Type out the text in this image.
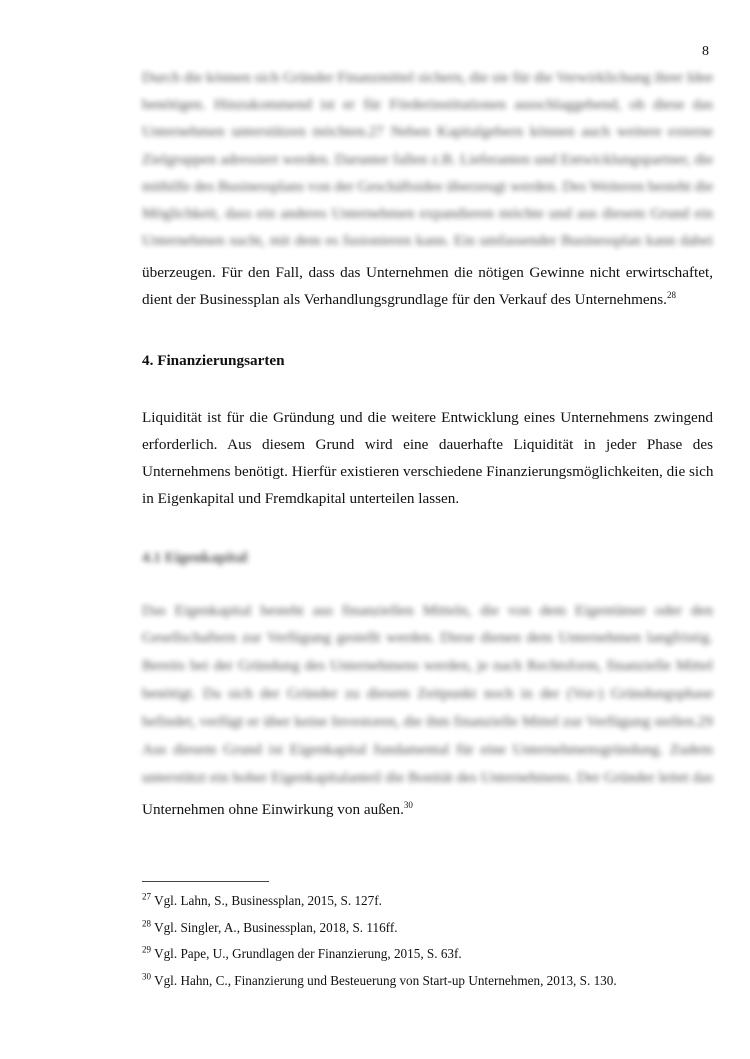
8
Durch die können sich Gründer Finanzmittel sichern, die sie für die Verwirklichung ihrer Idee
benötigen. Hinzukommend ist er für Förderinstitutionen ausschlaggebend, ob diese das
Unternehmen unterstützen möchten.27 Neben Kapitalgebern können auch weitere externe
Zielgruppen adressiert werden. Darunter fallen z.B. Lieferanten und Entwicklungspartner, die
mithilfe des Businessplans von der Geschäftsidee überzeugt werden. Des Weiteren besteht die
Möglichkeit, dass ein anderes Unternehmen expandieren möchte und aus diesem Grund ein
Unternehmen sucht, mit dem es fusionieren kann. Ein umfassender Businessplan kann dabei
überzeugen. Für den Fall, dass das Unternehmen die nötigen Gewinne nicht erwirtschaftet,
dient der Businessplan als Verhandlungsgrundlage für den Verkauf des Unternehmens.$^{28}$
4. Finanzierungsarten
Liquidität ist für die Gründung und die weitere Entwicklung eines Unternehmens zwingend
erforderlich. Aus diesem Grund wird eine dauerhafte Liquidität in jeder Phase des
Unternehmens benötigt. Hierfür existieren verschiedene Finanzierungsmöglichkeiten, die sich
in Eigenkapital und Fremdkapital unterteilen lassen.
4.1 Eigenkapital
Das Eigenkapital besteht aus finanziellen Mitteln, die von dem Eigentümer oder den
Gesellschaftern zur Verfügung gestellt werden. Diese dienen dem Unternehmen langfristig.
Bereits bei der Gründung des Unternehmens werden, je nach Rechtsform, finanzielle Mittel
benötigt. Da sich der Gründer zu diesem Zeitpunkt noch in der (Vor-) Gründungsphase
befindet, verfügt er über keine Investoren, die ihm finanzielle Mittel zur Verfügung stellen.29
Aus diesem Grund ist Eigenkapital fundamental für eine Unternehmensgründung. Zudem
unterstützt ein hoher Eigenkapitalanteil die Bonität des Unternehmens. Der Gründer leitet das
Unternehmen ohne Einwirkung von außen.$^{30}$
$^{27}$ Vgl. Lahn, S., Businessplan, 2015, S. 127f.
$^{28}$ Vgl. Singler, A., Businessplan, 2018, S. 116ff.
$^{29}$ Vgl. Pape, U., Grundlagen der Finanzierung, 2015, S. 63f.
$^{30}$ Vgl. Hahn, C., Finanzierung und Besteuerung von Start-up Unternehmen, 2013, S. 130.
